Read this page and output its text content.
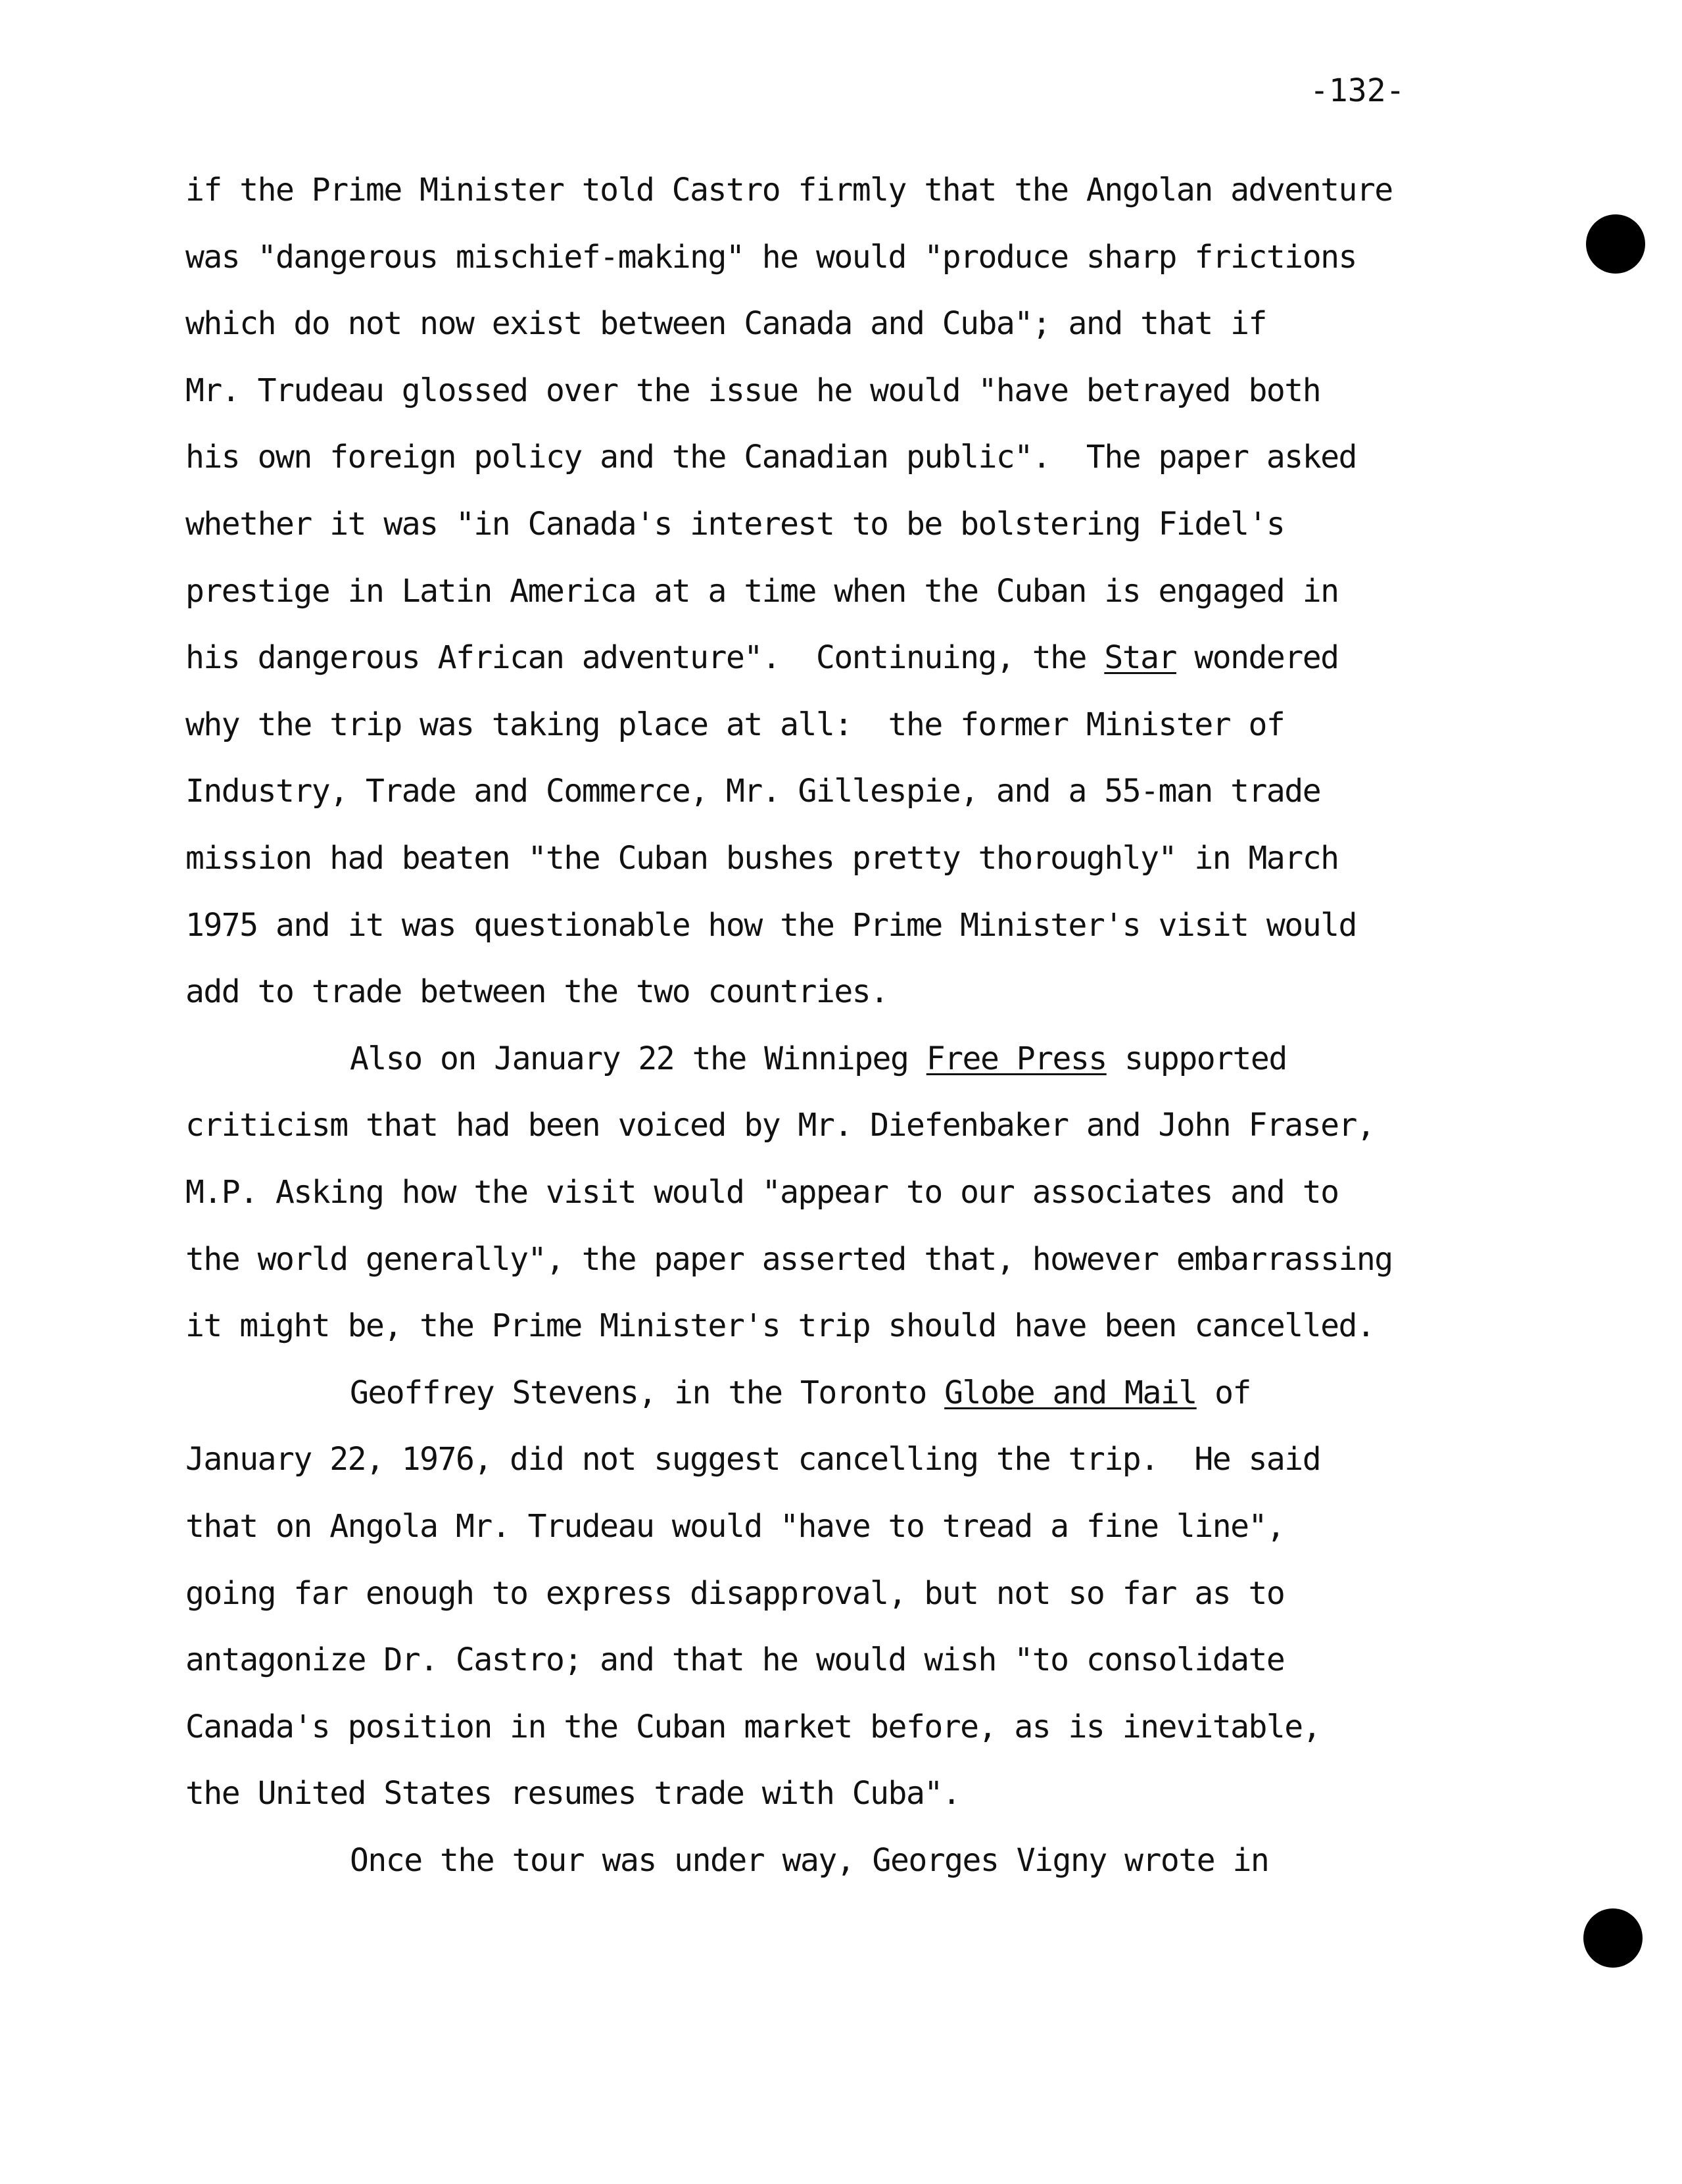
-132-
if the Prime Minister told Castro firmly that the Angolan adventure
was "dangerous mischief-making" he would "produce sharp frictions
which do not now exist between Canada and Cuba"; and that if
Mr. Trudeau glossed over the issue he would "have betrayed both
his own foreign policy and the Canadian public".  The paper asked
whether it was "in Canada's interest to be bolstering Fidel's
prestige in Latin America at a time when the Cuban is engaged in
his dangerous African adventure".  Continuing, the Star wondered
why the trip was taking place at all:  the former Minister of
Industry, Trade and Commerce, Mr. Gillespie, and a 55-man trade
mission had beaten "the Cuban bushes pretty thoroughly" in March
1975 and it was questionable how the Prime Minister's visit would
add to trade between the two countries.
Also on January 22 the Winnipeg Free Press supported
criticism that had been voiced by Mr. Diefenbaker and John Fraser,
M.P. Asking how the visit would "appear to our associates and to
the world generally", the paper asserted that, however embarrassing
it might be, the Prime Minister's trip should have been cancelled.
Geoffrey Stevens, in the Toronto Globe and Mail of
January 22, 1976, did not suggest cancelling the trip.  He said
that on Angola Mr. Trudeau would "have to tread a fine line",
going far enough to express disapproval, but not so far as to
antagonize Dr. Castro; and that he would wish "to consolidate
Canada's position in the Cuban market before, as is inevitable,
the United States resumes trade with Cuba".
Once the tour was under way, Georges Vigny wrote in
